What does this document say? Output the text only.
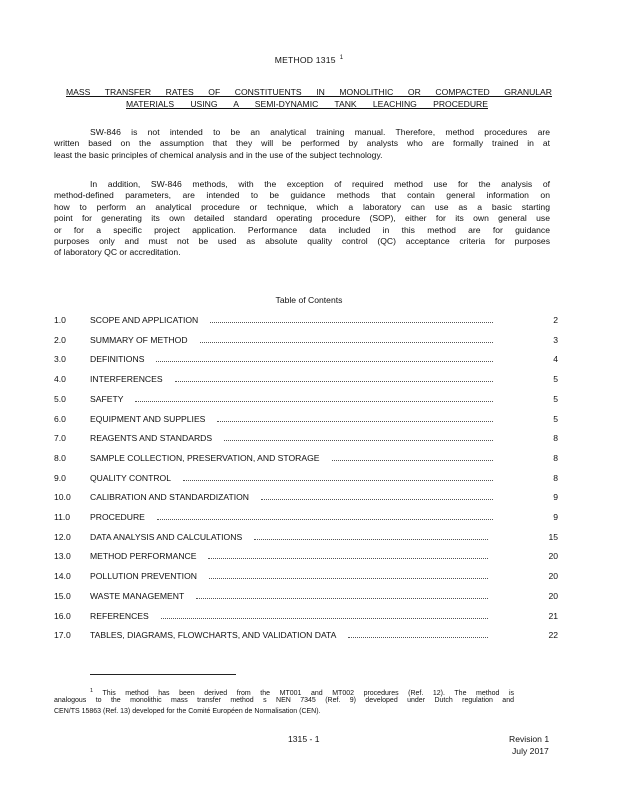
METHOD 1315 $^1$
MASS TRANSFER RATES OF CONSTITUENTS IN MONOLITHIC OR COMPACTED GRANULAR
MATERIALS USING A SEMI-DYNAMIC TANK LEACHING PROCEDURE
SW-846 is not intended to be an analytical training manual. Therefore, method procedures are
written based on the assumption that they will be performed by analysts who are formally trained in at
least the basic principles of chemical analysis and in the use of the subject technology.
In addition, SW-846 methods, with the exception of required method use for the analysis of
method-defined parameters, are intended to be guidance methods that contain general information on
how to perform an analytical procedure or technique, which a laboratory can use as a basic starting
point for generating its own detailed standard operating procedure (SOP), either for its own general use
or for a specific project application. Performance data included in this method are for guidance
purposes only and must not be used as absolute quality control (QC) acceptance criteria for purposes
of laboratory QC or accreditation.
Table of Contents
1.0	SCOPE AND APPLICATION	2
2.0	SUMMARY OF METHOD	3
3.0	DEFINITIONS	4
4.0	INTERFERENCES	5
5.0	SAFETY	5
6.0	EQUIPMENT AND SUPPLIES	5
7.0	REAGENTS AND STANDARDS	8
8.0	SAMPLE COLLECTION, PRESERVATION, AND STORAGE	8
9.0	QUALITY CONTROL	8
10.0 CALIBRATION AND STANDARDIZATION	9
11.0 PROCEDURE	9
12.0 DATA ANALYSIS AND CALCULATIONS	15
13.0 METHOD PERFORMANCE	20
14.0 POLLUTION PREVENTION	20
15.0 WASTE MANAGEMENT	20
16.0 REFERENCES	21
17.0 TABLES, DIAGRAMS, FLOWCHARTS, AND VALIDATION DATA	22
$^1$ This method has been derived from the MT001 and MT002 procedures (Ref. 12). The method is
analogous to the monolithic mass transfer method s NEN 7345 (Ref. 9) developed under Dutch regulation and
CEN/TS 15863 (Ref. 13) developed for the Comité Européen de Normalisation (CEN).
1315 - 1	Revision 1
July 2017
